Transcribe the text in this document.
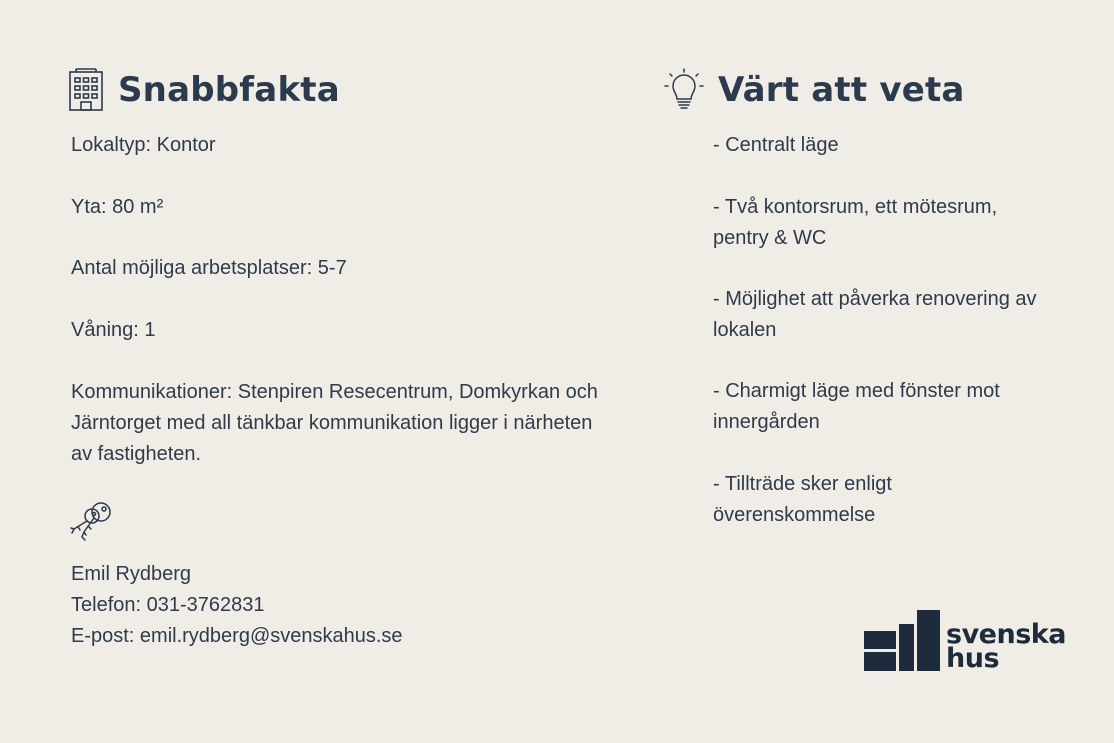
Snabbfakta
Lokaltyp: Kontor
Yta: 80 m²
Antal möjliga arbetsplatser: 5-7
Våning: 1
Kommunikationer: Stenpiren Resecentrum, Domkyrkan och Järntorget med all tänkbar kommunikation ligger i närheten av fastigheten.
Emil Rydberg
Telefon: 031-3762831
E-post: emil.rydberg@svenskahus.se
Värt att veta
- Centralt läge
- Två kontorsrum, ett mötesrum, pentry & WC
- Möjlighet att påverka renovering av lokalen
- Charmigt läge med fönster mot innergården
- Tillträde sker enligt överenskommelse
svenska
hus
